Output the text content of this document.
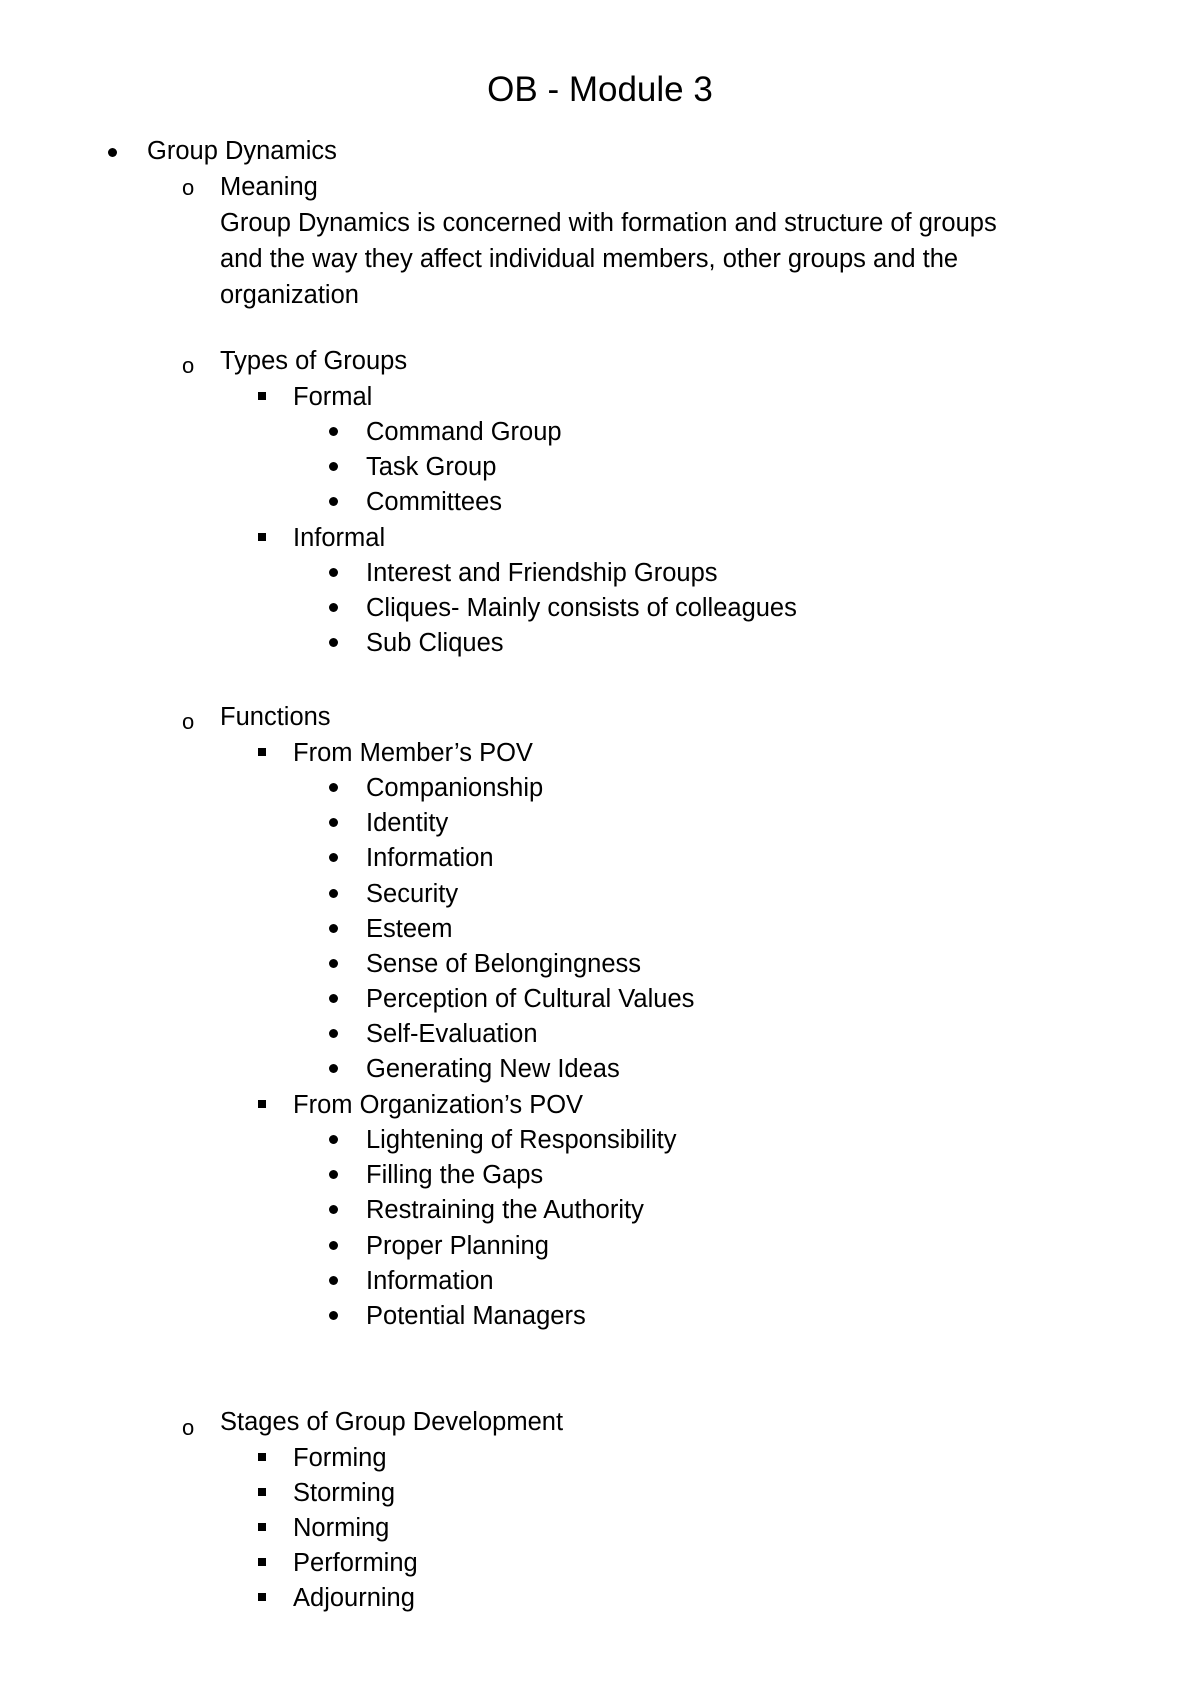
OB - Module 3
Group Dynamics
o Meaning
Group Dynamics is concerned with formation and structure of groups
and the way they affect individual members, other groups and the
organization
o Types of Groups
Formal
Command Group
Task Group
Committees
Informal
Interest and Friendship Groups
Cliques- Mainly consists of colleagues
Sub Cliques
o Functions
From Member’s POV
Companionship
Identity
Information
Security
Esteem
Sense of Belongingness
Perception of Cultural Values
Self-Evaluation
Generating New Ideas
From Organization’s POV
Lightening of Responsibility
Filling the Gaps
Restraining the Authority
Proper Planning
Information
Potential Managers
o Stages of Group Development
Forming
Storming
Norming
Performing
Adjourning
